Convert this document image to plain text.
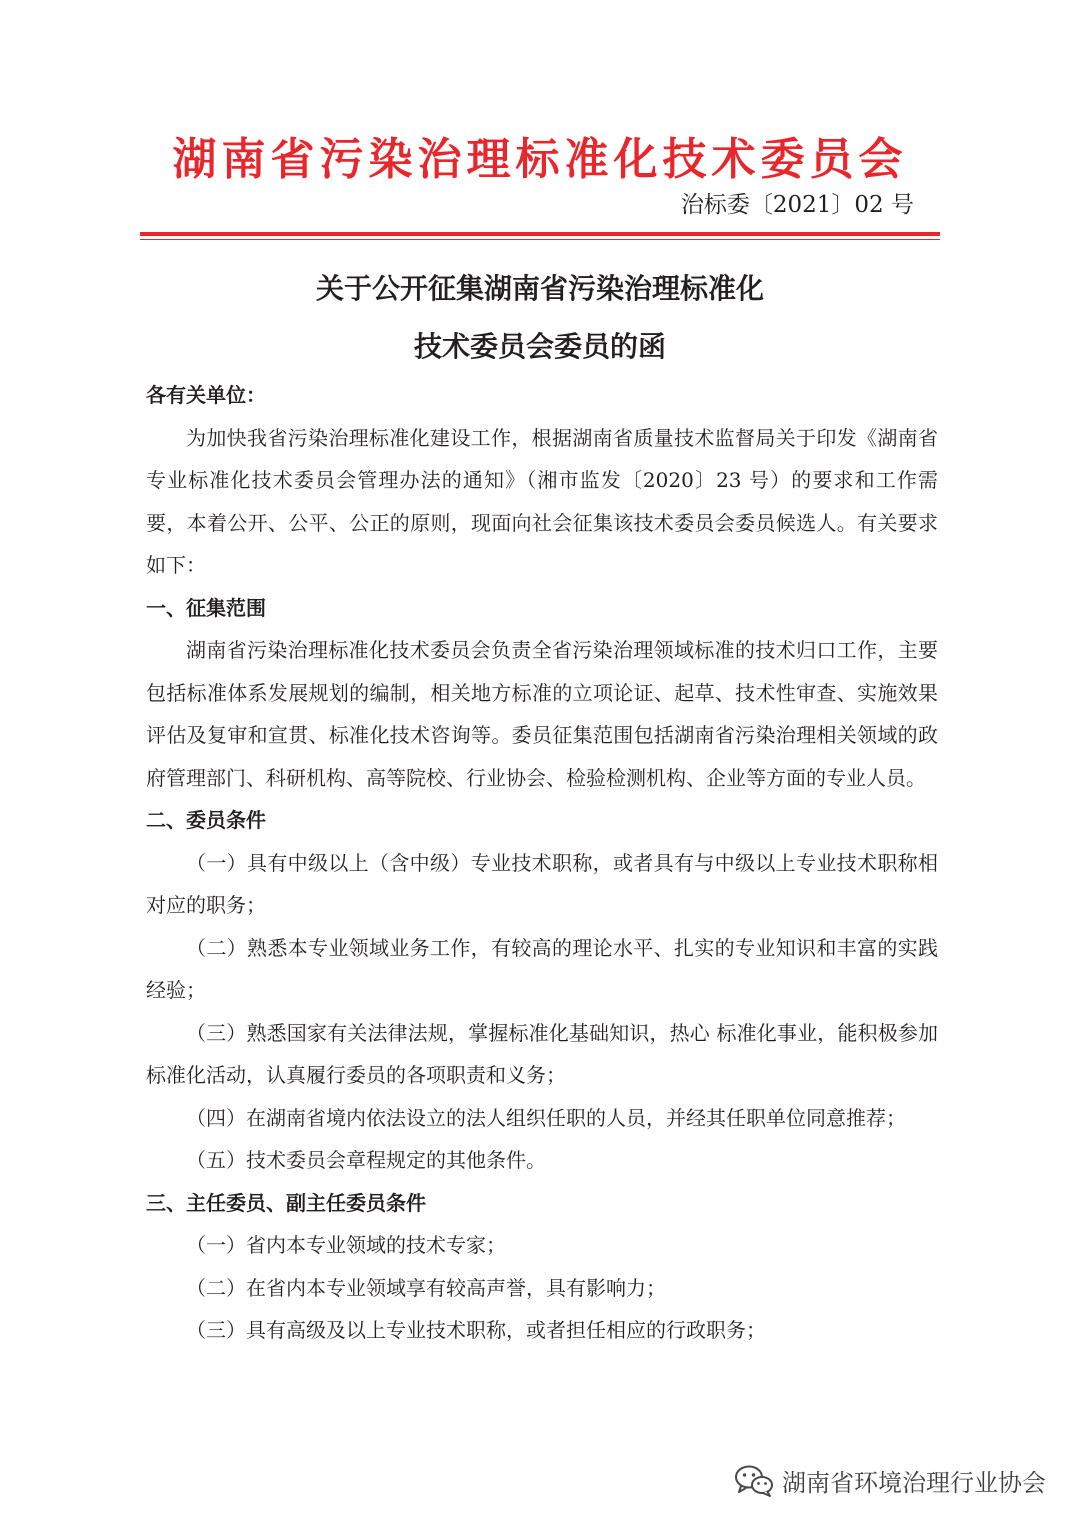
湖南省污染治理标准化技术委员会
治标委〔2021〕02 号
关于公开征集湖南省污染治理标准化
技术委员会委员的函

各有关单位：

为加快我省污染治理标准化建设工作，根据湖南省质量技术监督局关于印发《湖南省专业标准化技术委员会管理办法的通知》（湘市监发〔2020〕23 号）的要求和工作需要，本着公开、公平、公正的原则，现面向社会征集该技术委员会委员候选人。有关要求如下：

一、征集范围

湖南省污染治理标准化技术委员会负责全省污染治理领域标准的技术归口工作，主要包括标准体系发展规划的编制，相关地方标准的立项论证、起草、技术性审查、实施效果评估及复审和宣贯、标准化技术咨询等。委员征集范围包括湖南省污染治理相关领域的政府管理部门、科研机构、高等院校、行业协会、检验检测机构、企业等方面的专业人员。

二、委员条件

（一）具有中级以上（含中级）专业技术职称，或者具有与中级以上专业技术职称相对应的职务；

（二）熟悉本专业领域业务工作，有较高的理论水平、扎实的专业知识和丰富的实践经验；

（三）熟悉国家有关法律法规，掌握标准化基础知识，热心 标准化事业，能积极参加标准化活动，认真履行委员的各项职责和义务；

（四）在湖南省境内依法设立的法人组织任职的人员，并经其任职单位同意推荐；

（五）技术委员会章程规定的其他条件。

三、主任委员、副主任委员条件

（一）省内本专业领域的技术专家；

（二）在省内本专业领域享有较高声誉，具有影响力；

（三）具有高级及以上专业技术职称，或者担任相应的行政职务；

湖南省环境治理行业协会
